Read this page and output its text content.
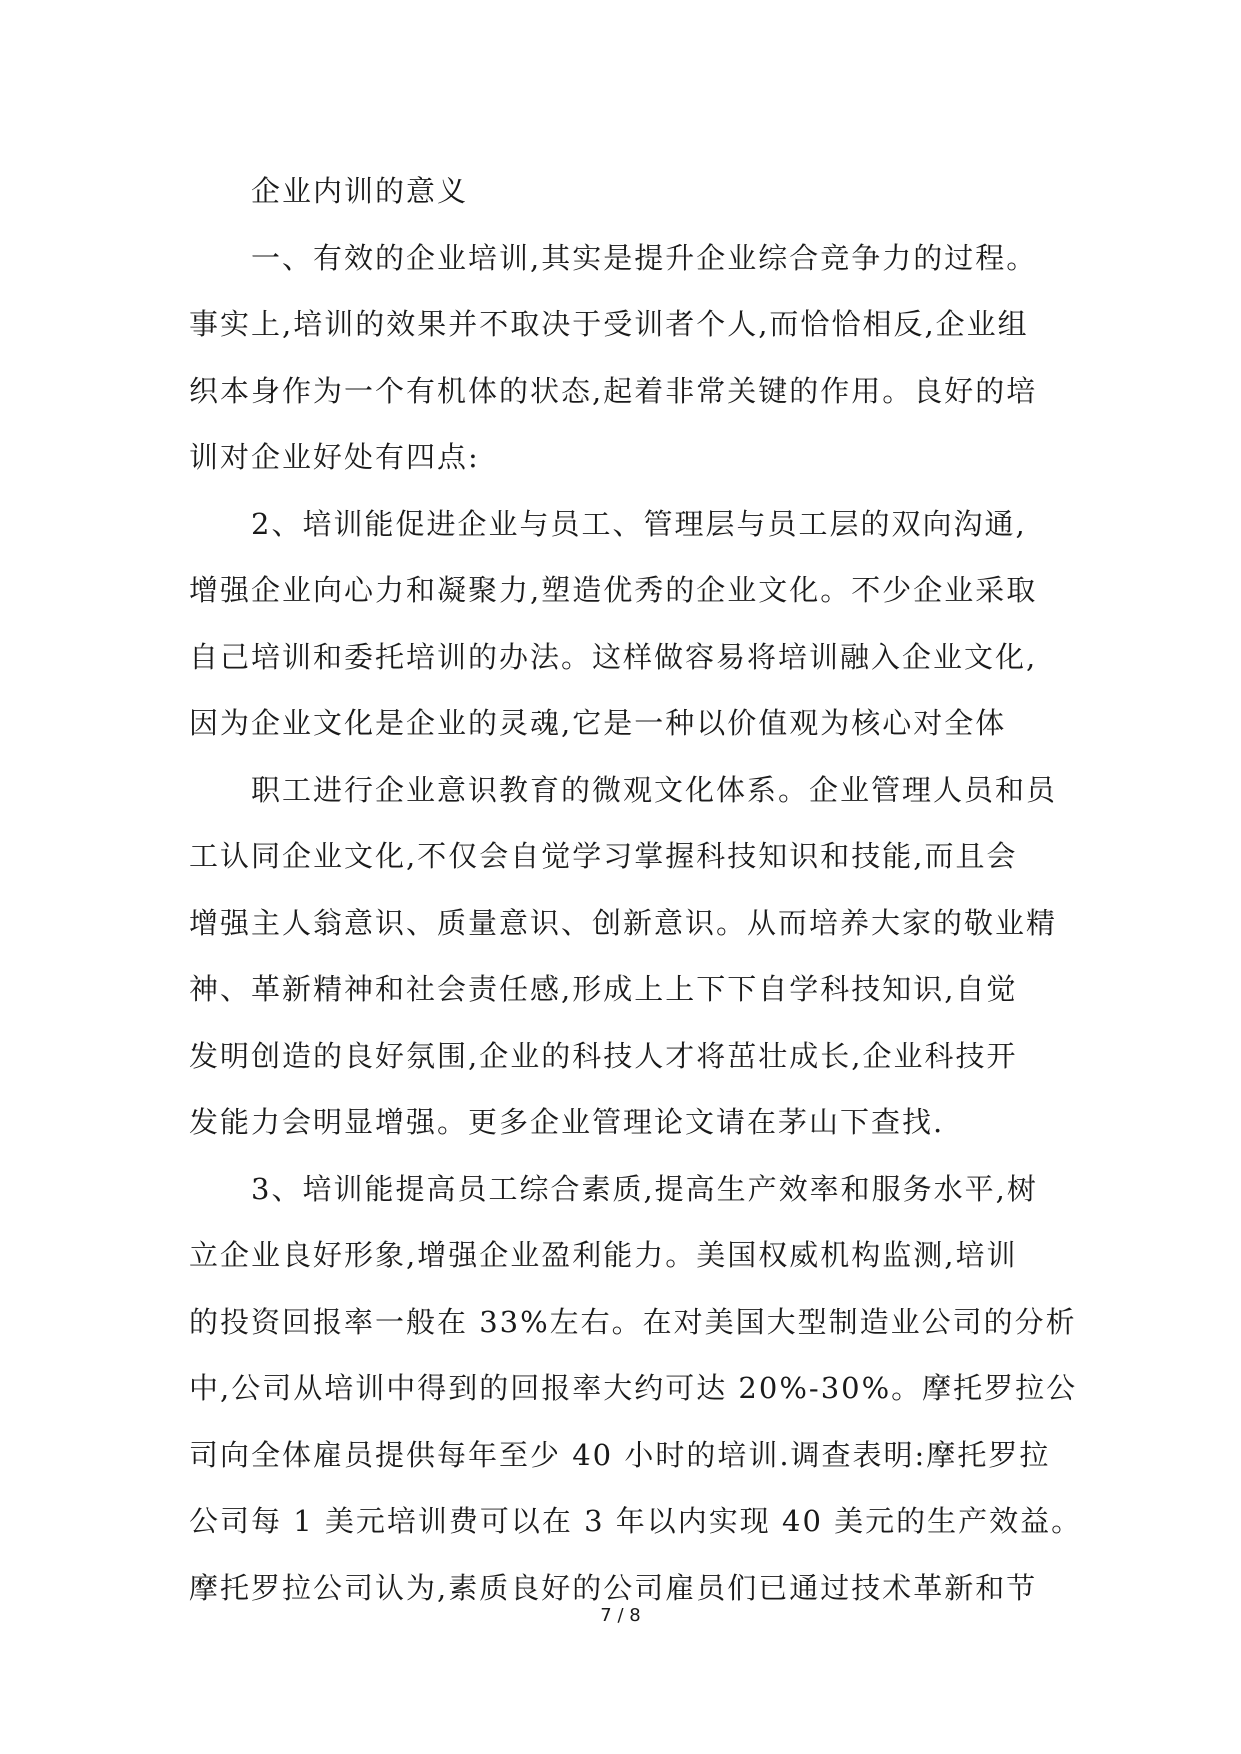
企业内训的意义
一、有效的企业培训,其实是提升企业综合竞争力的过程。
事实上,培训的效果并不取决于受训者个人,而恰恰相反,企业组
织本身作为一个有机体的状态,起着非常关键的作用。良好的培
训对企业好处有四点:
2、培训能促进企业与员工、管理层与员工层的双向沟通,
增强企业向心力和凝聚力,塑造优秀的企业文化。不少企业采取
自己培训和委托培训的办法。这样做容易将培训融入企业文化,
因为企业文化是企业的灵魂,它是一种以价值观为核心对全体
职工进行企业意识教育的微观文化体系。企业管理人员和员
工认同企业文化,不仅会自觉学习掌握科技知识和技能,而且会
增强主人翁意识、质量意识、创新意识。从而培养大家的敬业精
神、革新精神和社会责任感,形成上上下下自学科技知识,自觉
发明创造的良好氛围,企业的科技人才将茁壮成长,企业科技开
发能力会明显增强。更多企业管理论文请在茅山下查找.
3、培训能提高员工综合素质,提高生产效率和服务水平,树
立企业良好形象,增强企业盈利能力。美国权威机构监测,培训
的投资回报率一般在 33%左右。在对美国大型制造业公司的分析
中,公司从培训中得到的回报率大约可达 20%-30%。摩托罗拉公
司向全体雇员提供每年至少 40 小时的培训.调查表明:摩托罗拉
公司每 1 美元培训费可以在 3 年以内实现 40 美元的生产效益。
摩托罗拉公司认为,素质良好的公司雇员们已通过技术革新和节
7 / 8
